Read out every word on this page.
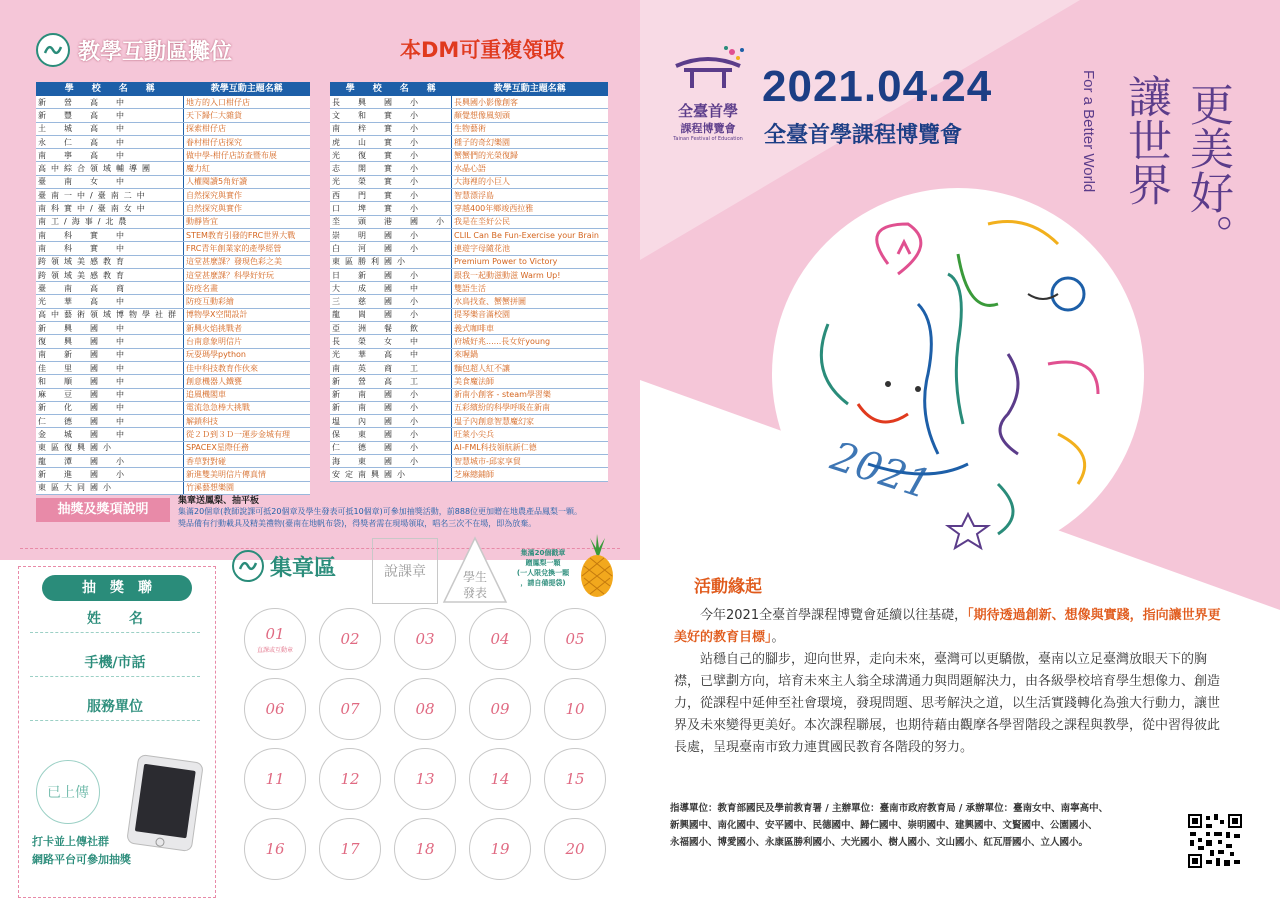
教學互動區攤位	本DM可重複領取
學　　校　　名　　稱	教學互動主題名稱
新　營　高　中	地方的入口柑仔店
新　豐　高　中	天下歸仁大雜貨
土　城　高　中	探索柑仔店
永　仁　高　中	眷村柑仔店探究
南　寧　高　中	做中學-柑仔店訪查暨布展
高中綜合領域輔導團	魔力紅
臺　南　女　中	人權閱讀5角好讀
臺南一中/臺南二中	自然探究與實作
南科實中/臺南女中	自然探究與實作
南工/海事/北農	動靜皆宜
南　科　實　中	STEM教育引發的FRC世界大戰
南　科　實　中	FRC青年創業家的產學經營
跨領域美感教育	這堂甚麼課？發現色彩之美
跨領域美感教育	這堂甚麼課？科學好好玩
臺　南　高　商	防疫名畫
光　華　高　中	防疫互動彩繪
高中藝術領域博物學社群	博物學X空間設計
新　興　國　中	新興火焰挑戰者
復　興　國　中	台南意象明信片
南　新　國　中	玩耍瑪學python
佳　里　國　中	佳中科技教育作伙來
和　順　國　中	創意機器人鐵甕
麻　豆　國　中	追風機閣車
新　化　國　中	電流急急棒大挑戰
仁　德　國　中	解鎖科技
金　城　國　中	從２Ｄ到３Ｄ一運步金城有理
東區復興國小	SPACEX星際任務
龍　潭　國　小	香草對對碰
新　進　國　小	新進雙美明信片傳真情
東區大同國小	竹溪藝想樂園
學　　校　　名　　稱	教學互動主題名稱
長　興　國　小	長興國小影像創客
文　和　實　小	顏覺想像風刻頭
南　梓　實　小	生物藝術
虎　山　實　小	種子的奇幻樂園
光　復　實　小	蟹蟹們的光榮復歸
志　開　實　小	水晶心語
光　榮　實　小	大海裡的小巨人
西　門　實　小	智慧漂浮島
口　埤　實　小	穿越400年鄉竣西拉雅
坔　頭　港　國　小	我是在坔好公民
崇　明　國　小	CLIL Can Be Fun-Exercise your Brain
白　河　國　小	連遊字母隨花池
東區勝利國小	Premium Power to Victory
日　新　國　小	跟我一起動滋動滋 Warm Up!
大　成　國　中	雙語生活
三　慈　國　小	水鳥找查、蟹蟹拼圖
龍　崗　國　小	提琴樂音滿校園
亞　洲　餐　飲	義式咖啡車
長　榮　女　中	府城好兆......長女好young
光　華　高　中	來喔鍋
南　英　商　工	麵包超人紅不讓
新　營　高　工	美食魔法師
新　南　國　小	新南小創客 - steam學習樂
新　南　國　小	五彩繽紛的科學呼吸在新南
塭　內　國　小	塭子內創意智慧魔幻家
保　東　國　小	旺萊小尖兵
仁　德　國　小	AI-FML科技領航新仁德
海　東　國　小	智慧城市-邱家享貿
安定南興國小	芝麻總鋪師
抽獎及獎項說明
集章送鳳梨、抽平板
集滿20個章(教師說課可抵20個章及學生發表可抵10個章)可參加抽獎活動，前888位更加贈在地農產品鳳梨一顆。
獎品備有行動載具及精美禮物(臺南在地帆布袋)，得獎者需在現場領取，唱名三次不在場，即為放棄。
抽　獎　聯
姓　　名
手機/市話
服務單位
已上傳
打卡並上傳社群
網路平台可參加抽獎
集章區	說課章	學生
發表
集滿20個戳章
贈鳳梨一顆
(一人限兌換一顆
，請自備提袋)
01
直課或互動章
02	03	04	05
06	07	08	09	10
11	12	13	14	15
16	17	18	19	20
全臺首學
課程博覽會
Tainan Festival of Education
2021.04.24
全臺首學課程博覽會	更美好。
讓世界
For a Better World
2021
活動緣起
今年2021全臺首學課程博覽會延續以往基礎，「期待透過創新、想像與實踐，指向讓世界更美好的教育目標」。
站穩自己的腳步，迎向世界，走向未來，臺灣可以更驕傲，臺南以立足臺灣放眼天下的胸襟，已擘劃方向，培育未來主人翁全球溝通力與問題解決力，由各級學校培育學生想像力、創造力，從課程中延伸至社會環境，發現問題、思考解決之道，以生活實踐轉化為強大行動力，讓世界及未來變得更美好。本次課程聯展，也期待藉由觀摩各學習階段之課程與教學，從中習得彼此長處，呈現臺南市致力連貫國民教育各階段的努力。
指導單位：教育部國民及學前教育署 / 主辦單位：臺南市政府教育局 / 承辦單位：臺南女中、南寧高中、
新興國中、南化國中、安平國中、民德國中、歸仁國中、崇明國中、建興國中、文賢國中、公園國小、
永福國小、博愛國小、永康區勝利國小、大光國小、樹人國小、文山國小、紅瓦厝國小、立人國小。
